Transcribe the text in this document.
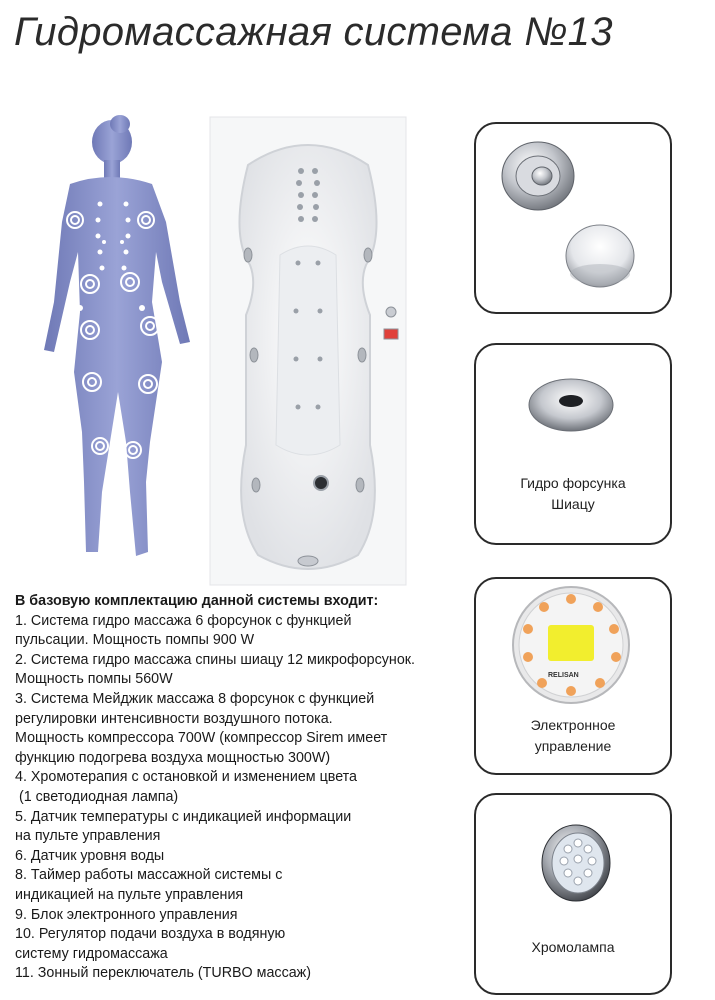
Гидромассажная система №13
Гидро форсунка
Шиацу
RELISAN
Электронное
управление
Хромолампа
В базовую комплектацию данной системы входит:
1. Система гидро массажа 6 форсунок с функцией
пульсации. Мощность помпы 900 W
2. Система гидро массажа спины шиацу 12 микрофорсунок.
Мощность помпы 560W
3. Система Мейджик массажа 8 форсунок с функцией
регулировки интенсивности воздушного потока.
Мощность компрессора 700W (компрессор Sirem имеет
функцию подогрева воздуха мощностью 300W)
4. Хромотерапия с остановкой и изменением цвета
(1 светодиодная лампа)
5. Датчик температуры с индикацией информации
на пульте управления
6. Датчик уровня воды
8. Таймер работы массажной системы с
индикацией на пульте управления
9. Блок электронного управления
10. Регулятор подачи воздуха в водяную
систему гидромассажа
11. Зонный переключатель (TURBO массаж)
